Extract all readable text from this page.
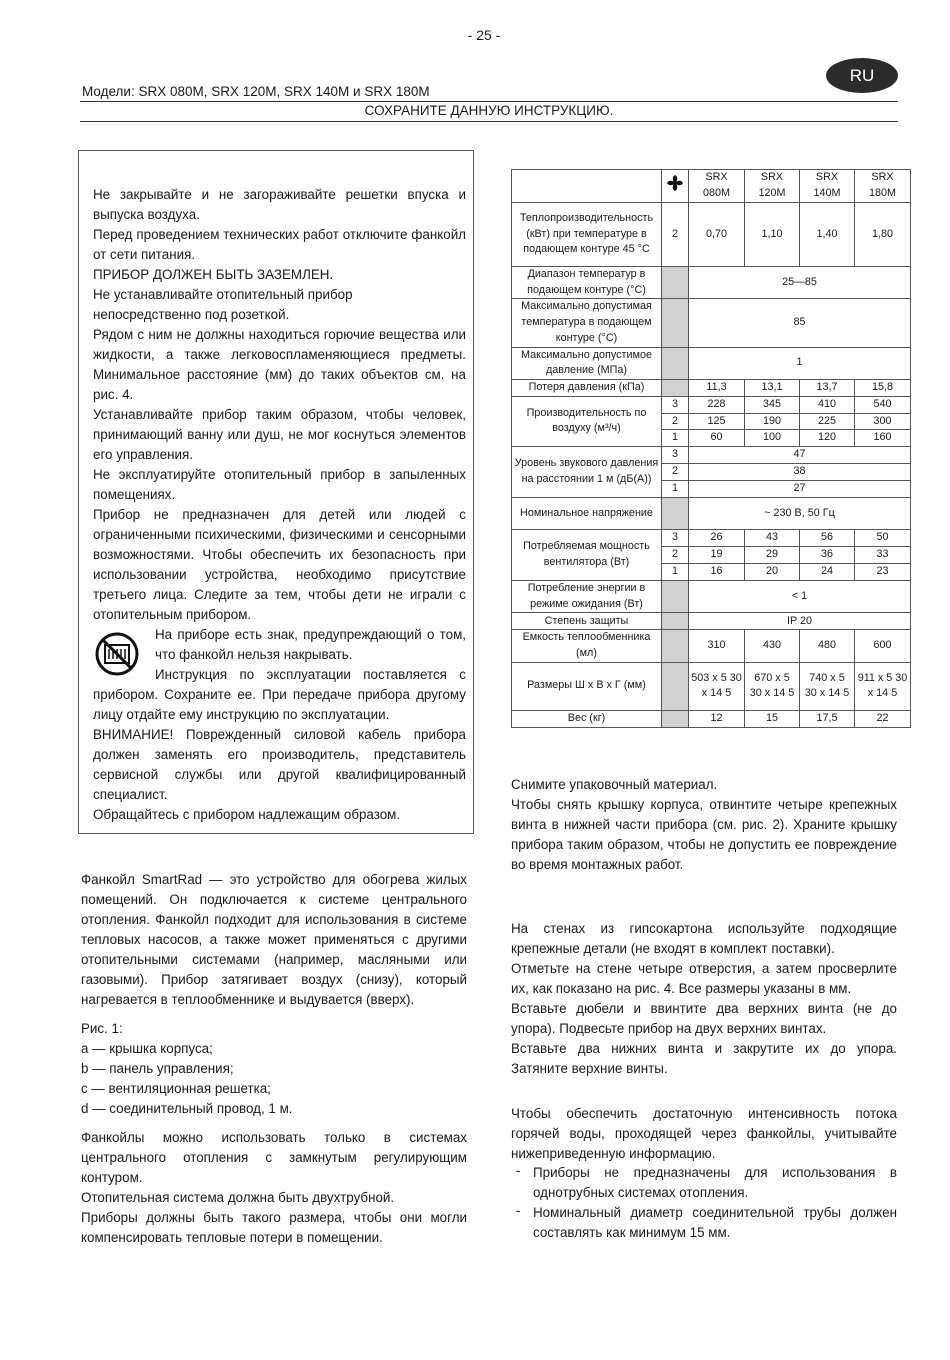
- 25 -
RU
Модели: SRX 080M, SRX 120M, SRX 140M и SRX 180M
СОХРАНИТЕ ДАННУЮ ИНСТРУКЦИЮ.

Не закрывайте и не загораживайте решетки впуска и выпуска воздуха.

Перед проведением технических работ отключите фанкойл от сети питания.

ПРИБОР ДОЛЖЕН БЫТЬ ЗАЗЕМЛЕН.

Не устанавливайте отопительный прибор непосредственно под розеткой.

Рядом с ним не должны находиться горючие вещества или жидкости, а также легковоспламеняющиеся предметы. Минимальное расстояние (мм) до таких объектов см. на рис. 4.

Устанавливайте прибор таким образом, чтобы человек, принимающий ванну или душ, не мог коснуться элементов его управления.

Не эксплуатируйте отопительный прибор в запыленных помещениях.

Прибор не предназначен для детей или людей с ограниченными психическими, физическими и сенсорными возможностями. Чтобы обеспечить их безопасность при использовании устройства, необходимо присутствие третьего лица. Следите за тем, чтобы дети не играли с отопительным прибором.

На приборе есть знак, предупреждающий о том, что фанкойл нельзя накрывать.

Инструкция по эксплуатации поставляется с

прибором. Сохраните ее. При передаче прибора другому лицу отдайте ему инструкцию по эксплуатации.

ВНИМАНИЕ! Поврежденный силовой кабель прибора должен заменять его производитель, представитель сервисной службы или другой квалифицированный специалист.

Обращайтесь с прибором надлежащим образом.

Фанкойл SmartRad — это устройство для обогрева жилых помещений. Он подключается к системе центрального отопления. Фанкойл подходит для использования в системе тепловых насосов, а также может применяться с другими отопительными системами (например, масляными или газовыми). Прибор затягивает воздух (снизу), который нагревается в теплообменнике и выдувается (вверх).

Рис. 1:

a — крышка корпуса;

b — панель управления;

c — вентиляционная решетка;

d — соединительный провод, 1 м.

Фанкойлы можно использовать только в системах центрального отопления с замкнутым регулирующим контуром.

Отопительная система должна быть двухтрубной.

Приборы должны быть такого размера, чтобы они могли компенсировать тепловые потери в помещении.

		SRX 080M	SRX 120M	SRX 140M	SRX 180M
Теплопроизводительность (кВт) при температуре в подающем контуре 45 °C	2	0,70	1,10	1,40	1,80
Диапазон температур в подающем контуре (°C)		25—85			
Максимально допустимая температура в подающем контуре (°C)		85			
Максимально допустимое давление (МПа)		1			
Потеря давления (кПа)		11,3	13,1	13,7	15,8
Производительность по воздуху (м³/ч)	3	228	345	410	540
	2	125	190	225	300
	1	60	100	120	160
Уровень звукового давления на расстоянии 1 м (дБ(A))	3	47			
	2	38			
	1	27			
Номинальное напряжение		~ 230 В, 50 Гц			
Потребляемая мощность вентилятора (Вт)	3	26	43	56	50
	2	19	29	36	33
	1	16	20	24	23
Потребление энергии в режиме ожидания (Вт)		< 1			
Степень защиты		IP 20			
Емкость теплообменника (мл)		310	430	480	600
Размеры Ш х В х Г (мм)		503 x 5 30 x 14 5	670 x 5 30 x 14 5	740 x 5 30 x 14 5	911 x 5 30 x 14 5
Вес (кг)		12	15	17,5	22

Снимите упаковочный материал.

Чтобы снять крышку корпуса, отвинтите четыре крепежных винта в нижней части прибора (см. рис. 2). Храните крышку прибора таким образом, чтобы не допустить ее повреждение во время монтажных работ.

На стенах из гипсокартона используйте подходящие крепежные детали (не входят в комплект поставки).

Отметьте на стене четыре отверстия, а затем просверлите их, как показано на рис. 4. Все размеры указаны в мм.

Вставьте дюбели и ввинтите два верхних винта (не до упора). Подвесьте прибор на двух верхних винтах.

Вставьте два нижних винта и закрутите их до упора. Затяните верхние винты.

Чтобы обеспечить достаточную интенсивность потока горячей воды, проходящей через фанкойлы, учитывайте нижеприведенную информацию.

- Приборы не предназначены для использования в однотрубных системах отопления.

- Номинальный диаметр соединительной трубы должен составлять как минимум 15 мм.
